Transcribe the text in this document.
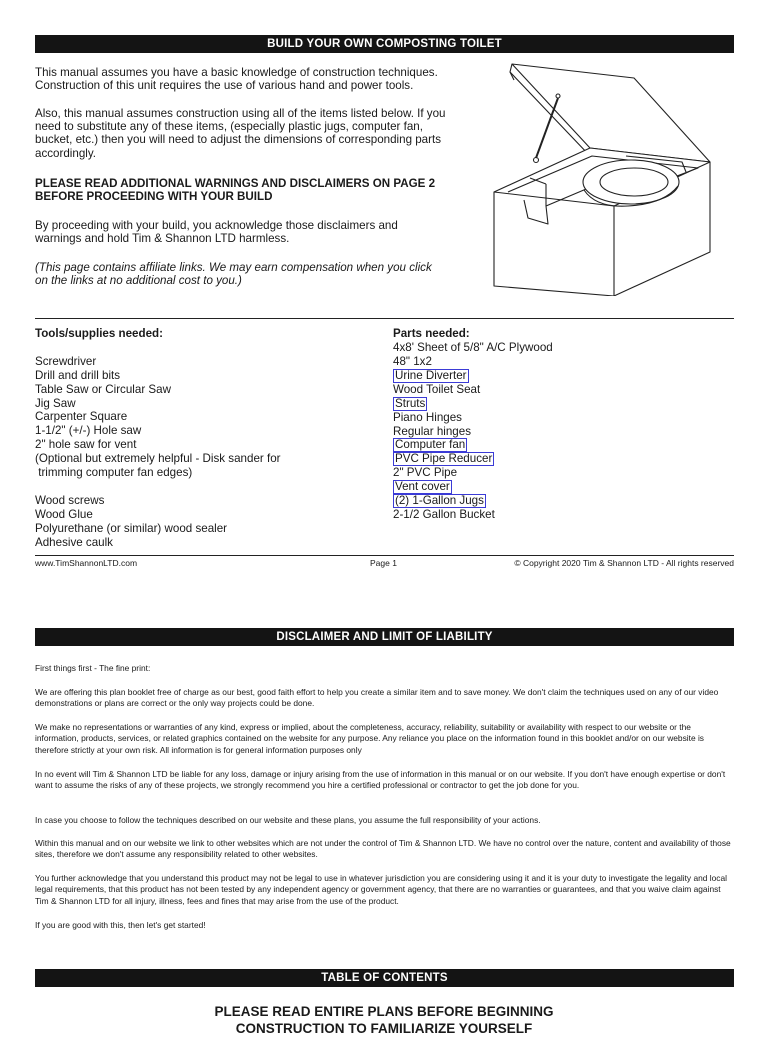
BUILD YOUR OWN COMPOSTING TOILET

This manual assumes you have a basic knowledge of construction techniques. Construction of this unit requires the use of various hand and power tools.

Also, this manual assumes construction using all of the items listed below. If you need to substitute any of these items, (especially plastic jugs, computer fan, bucket, etc.) then you will need to adjust the dimensions of corresponding parts accordingly.

PLEASE READ ADDITIONAL WARNINGS AND DISCLAIMERS ON PAGE 2 BEFORE PROCEEDING WITH YOUR BUILD

By proceeding with your build, you acknowledge those disclaimers and warnings and hold Tim & Shannon LTD harmless.

(This page contains affiliate links. We may earn compensation when you click on the links at no additional cost to you.)

Tools/supplies needed:
Screwdriver
Drill and drill bits
Table Saw or Circular Saw
Jig Saw
Carpenter Square
1-1/2" (+/-) Hole saw
2" hole saw for vent
(Optional but extremely helpful - Disk sander for
trimming computer fan edges)
Wood screws
Wood Glue
Polyurethane (or similar) wood sealer
Adhesive caulk
Parts needed:
4x8' Sheet of 5/8" A/C Plywood
48" 1x2
Urine Diverter
Wood Toilet Seat
Struts
Piano Hinges
Regular hinges
Computer fan
PVC Pipe Reducer
2" PVC Pipe
Vent cover
(2) 1-Gallon Jugs
2-1/2 Gallon Bucket
www.TimShannonLTD.com	Page 1	© Copyright 2020 Tim & Shannon LTD - All rights reserved
DISCLAIMER AND LIMIT OF LIABILITY

First things first - The fine print:

We are offering this plan booklet free of charge as our best, good faith effort to help you create a similar item and to save money. We don't claim the techniques used on any of our video demonstrations or plans are correct or the only way projects could be done.

We make no representations or warranties of any kind, express or implied, about the completeness, accuracy, reliability, suitability or availability with respect to our website or the information, products, services, or related graphics contained on the website for any purpose. Any reliance you place on the information found in this booklet and/or on our website is therefore strictly at your own risk. All information is for general information purposes only

In no event will Tim & Shannon LTD be liable for any loss, damage or injury arising from the use of information in this manual or on our website. If you don't have enough expertise or don't want to assume the risks of any of these projects, we strongly recommend you hire a certified professional or contractor to get the job done for you.

In case you choose to follow the techniques described on our website and these plans, you assume the full responsibility of your actions.

Within this manual and on our website we link to other websites which are not under the control of Tim & Shannon LTD. We have no control over the nature, content and availability of those sites, therefore we don't assume any responsibility related to other websites.

You further acknowledge that you understand this product may not be legal to use in whatever jurisdiction you are considering using it and it is your duty to investigate the legality and local legal requirements, that this product has not been tested by any independent agency or government agency, that there are no warranties or guarantees, and that you waive claim against Tim & Shannon LTD for all injury, illness, fees and fines that may arise from the use of the product.

If you are good with this, then let's get started!

TABLE OF CONTENTS
PLEASE READ ENTIRE PLANS BEFORE BEGINNING
CONSTRUCTION TO FAMILIARIZE YOURSELF
